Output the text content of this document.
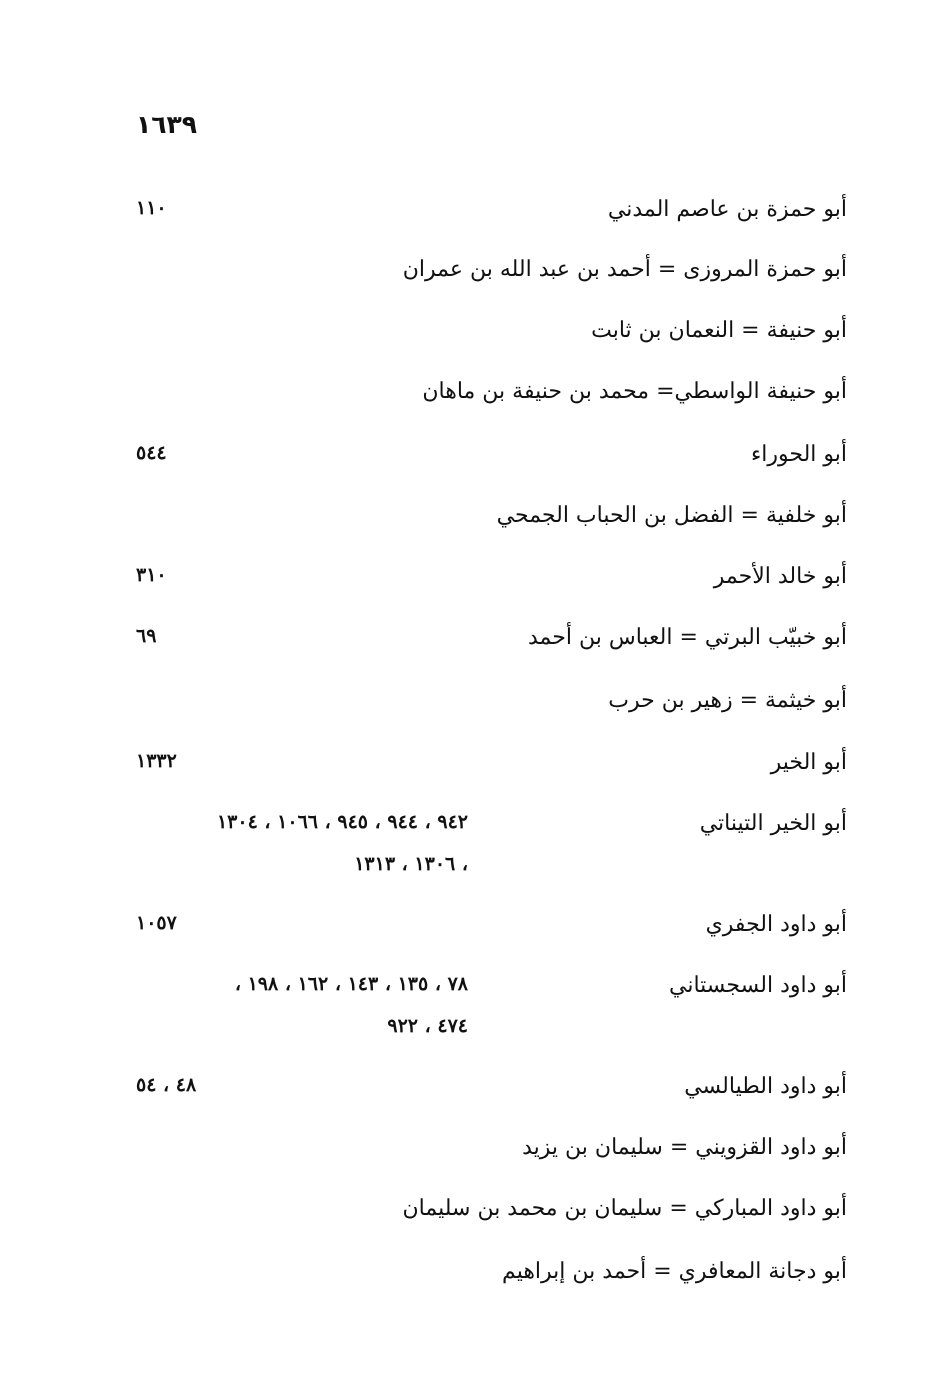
١٦٣٩
أبو حمزة بن عاصم المدني
١١٠
أبو حمزة المروزى = أحمد بن عبد الله بن عمران
أبو حنيفة = النعمان بن ثابت
أبو حنيفة الواسطي= محمد بن حنيفة بن ماهان
أبو الحوراء
٥٤٤
أبو خلفية = الفضل بن الحباب الجمحي
أبو خالد الأحمر
٣١٠
أبو خبيّب البرتي = العباس بن أحمد
٦٩
أبو خيثمة = زهير بن حرب
أبو الخير
١٣٣٢
أبو الخير التيناتي
٩٤٢ ، ٩٤٤ ، ٩٤٥ ، ١٠٦٦ ، ١٣٠٤
، ١٣٠٦ ، ١٣١٣
أبو داود الجفري
١٠٥٧
أبو داود السجستاني
٧٨ ، ١٣٥ ، ١٤٣ ، ١٦٢ ، ١٩٨ ،
٤٧٤ ، ٩٢٢
أبو داود الطيالسي
٤٨ ، ٥٤
أبو داود القزويني = سليمان بن يزيد
أبو داود المباركي = سليمان بن محمد بن سليمان
أبو دجانة المعافري = أحمد بن إبراهيم
